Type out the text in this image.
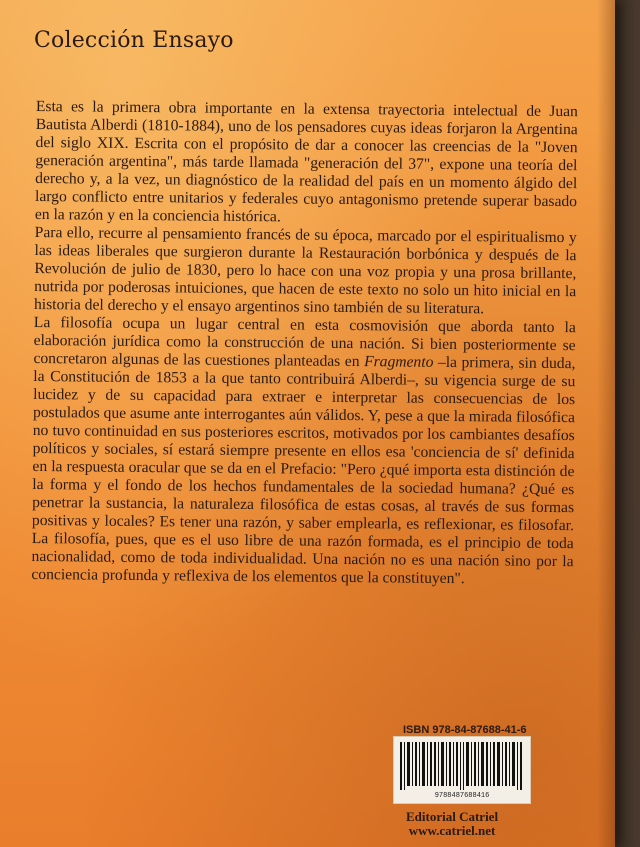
Colección Ensayo

Esta es la primera obra importante en la extensa trayectoria intelectual de Juan Bautista Alberdi (1810-1884), uno de los pensadores cuyas ideas forjaron la Argentina del siglo XIX. Escrita con el propósito de dar a conocer las creencias de la "Joven generación argentina", más tarde llamada "generación del 37", expone una teoría del derecho y, a la vez, un diagnóstico de la realidad del país en un momento álgido del largo conflicto entre unitarios y federales cuyo antagonismo pretende superar basado en la razón y en la conciencia histórica.

Para ello, recurre al pensamiento francés de su época, marcado por el espiritualismo y las ideas liberales que surgieron durante la Restauración borbónica y después de la Revolución de julio de 1830, pero lo hace con una voz propia y una prosa brillante, nutrida por poderosas intuiciones, que hacen de este texto no solo un hito inicial en la historia del derecho y el ensayo argentinos sino también de su literatura.

La filosofía ocupa un lugar central en esta cosmovisión que aborda tanto la elaboración jurídica como la construcción de una nación. Si bien posteriormente se concretaron algunas de las cuestiones planteadas en Fragmento –la primera, sin duda, la Constitución de 1853 a la que tanto contribuirá Alberdi–, su vigencia surge de su lucidez y de su capacidad para extraer e interpretar las consecuencias de los postulados que asume ante interrogantes aún válidos. Y, pese a que la mirada filosófica no tuvo continuidad en sus posteriores escritos, motivados por los cambiantes desafíos políticos y sociales, sí estará siempre presente en ellos esa 'conciencia de sí' definida en la respuesta oracular que se da en el Prefacio: "Pero ¿qué importa esta distinción de la forma y el fondo de los hechos fundamentales de la sociedad humana? ¿Qué es penetrar la sustancia, la naturaleza filosófica de estas cosas, al través de sus formas positivas y locales? Es tener una razón, y saber emplearla, es reflexionar, es filosofar. La filosofía, pues, que es el uso libre de una razón formada, es el principio de toda nacionalidad, como de toda individualidad. Una nación no es una nación sino por la conciencia profunda y reflexiva de los elementos que la constituyen".

ISBN 978-84-87688-41-6
9788487688416
Editorial Catriel
www.catriel.net
